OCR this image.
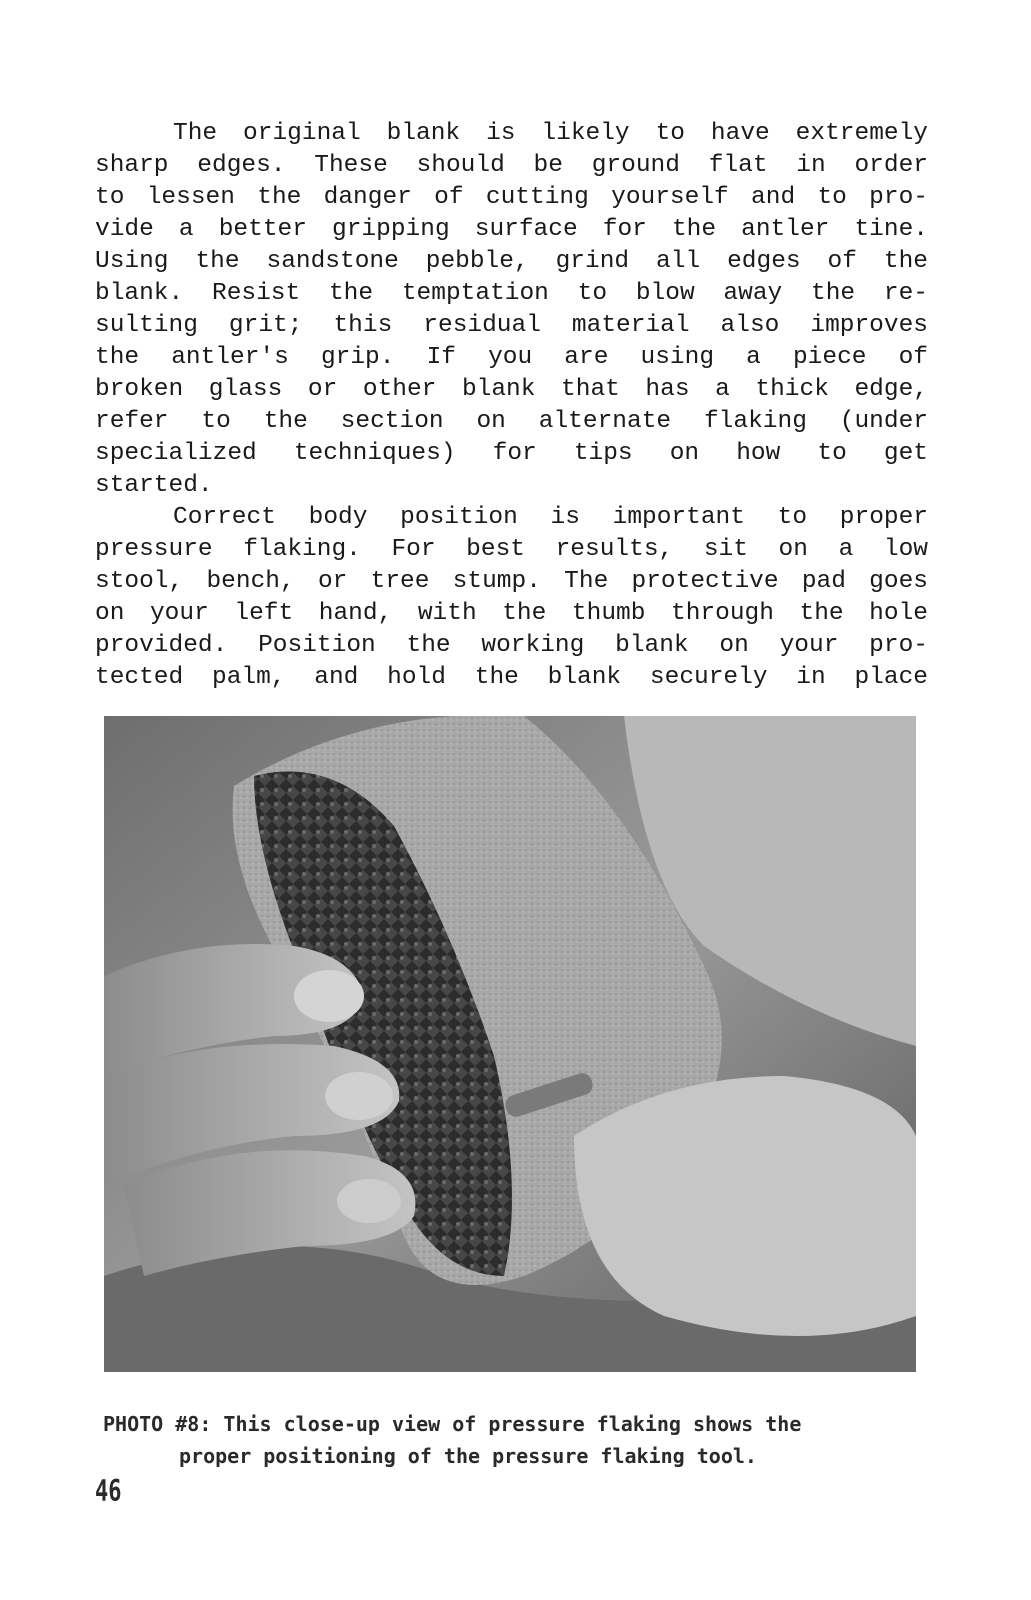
The original blank is likely to have extremely
sharp edges. These should be ground flat in order
to lessen the danger of cutting yourself and to pro-
vide a better gripping surface for the antler tine.
Using the sandstone pebble, grind all edges of the
blank. Resist the temptation to blow away the re-
sulting grit; this residual material also improves
the antler's grip. If you are using a piece of
broken glass or other blank that has a thick edge,
refer to the section on alternate flaking (under
specialized techniques) for tips on how to get
started.
Correct body position is important to proper
pressure flaking. For best results, sit on a low
stool, bench, or tree stump. The protective pad goes
on your left hand, with the thumb through the hole
provided. Position the working blank on your pro-
tected palm, and hold the blank securely in place
PHOTO #8: This close-up view of pressure flaking shows the
proper positioning of the pressure flaking tool.
46
